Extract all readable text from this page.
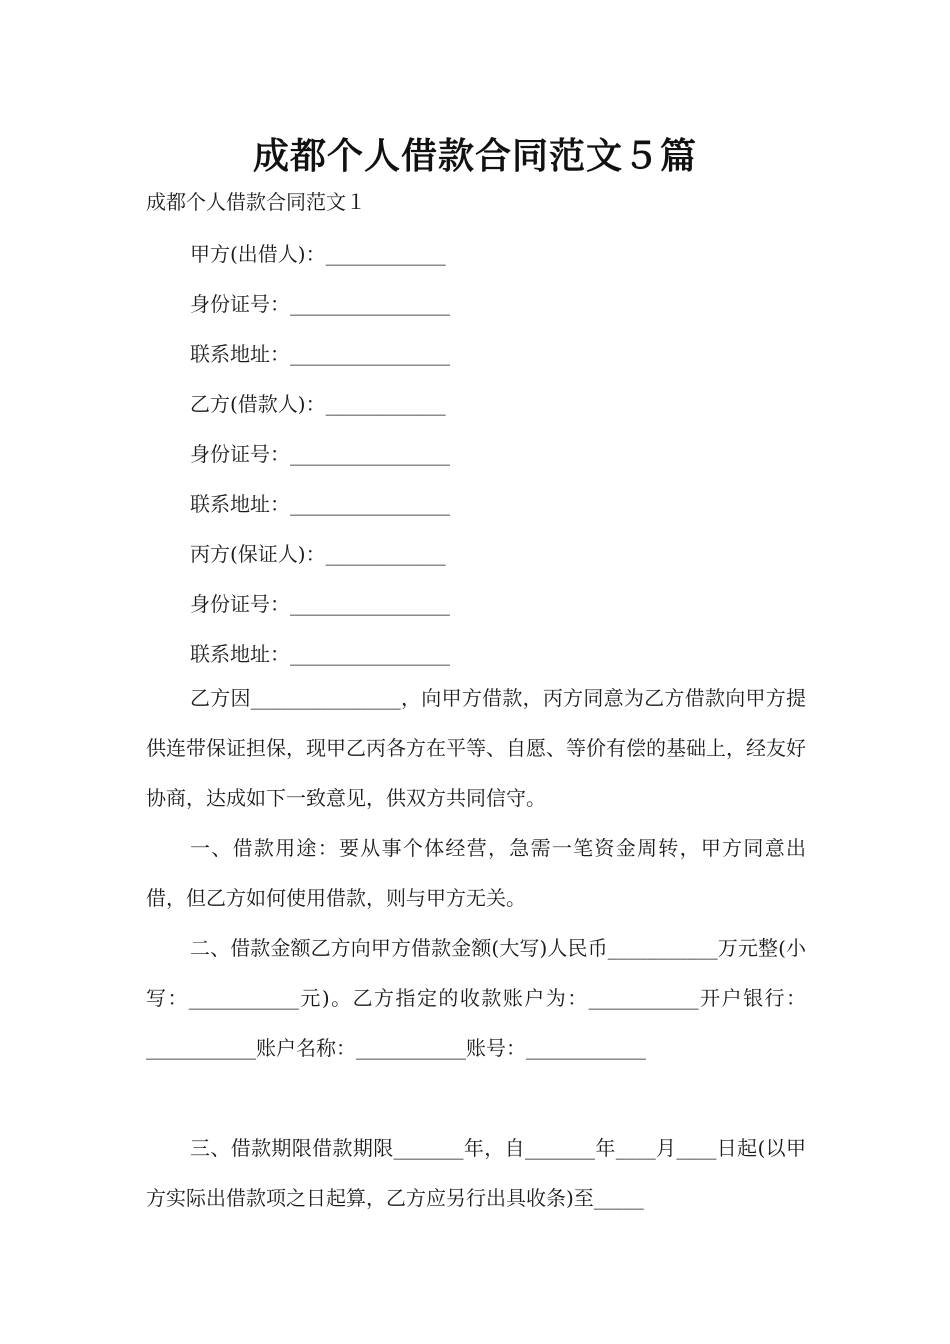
成都个人借款合同范文５篇
成都个人借款合同范文１
甲方(出借人)：____________
身份证号：________________
联系地址：________________
乙方(借款人)：____________
身份证号：________________
联系地址：________________
丙方(保证人)：____________
身份证号：________________
联系地址：________________
乙方因_______________，向甲方借款，丙方同意为乙方借款向甲方提供连带保证担保，现甲乙丙各方在平等、自愿、等价有偿的基础上，经友好协商，达成如下一致意见，供双方共同信守。
一、借款用途：要从事个体经营，急需一笔资金周转，甲方同意出借，但乙方如何使用借款，则与甲方无关。
二、借款金额乙方向甲方借款金额(大写)人民币___________万元整(小写：___________元)。乙方指定的收款账户为：___________开户银行：___________账户名称：___________账号：____________
三、借款期限借款期限_______年，自_______年____月____日起(以甲方实际出借款项之日起算，乙方应另行出具收条)至_____
